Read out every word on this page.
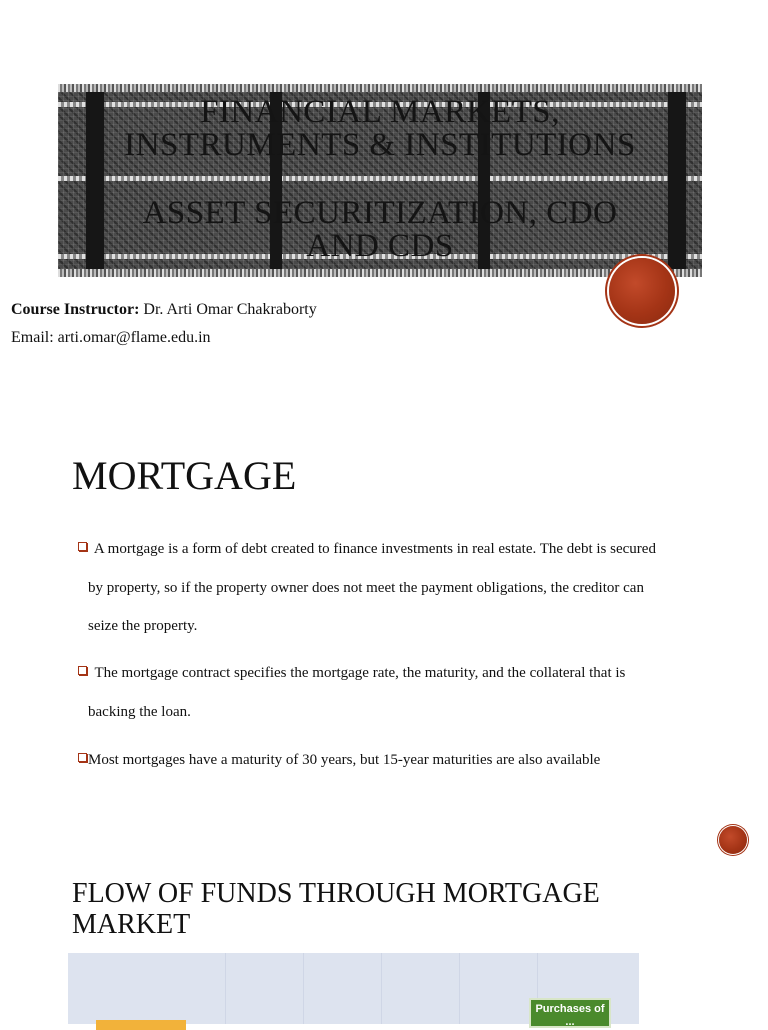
FINANCIAL MARKETS,
INSTRUMENTS & INSTITUTIONS
ASSET SECURITIZATION, CDO
AND CDS
Course Instructor: Dr. Arti Omar Chakraborty
Email: arti.omar@flame.edu.in
MORTGAGE
A mortgage is a form of debt created to finance investments in real estate. The debt is secured
by property, so if the property owner does not meet the payment obligations, the creditor can
seize the property.
The mortgage contract specifies the mortgage rate, the maturity, and the collateral that is
backing the loan.
Most mortgages have a maturity of 30 years, but 15-year maturities are also available
FLOW OF FUNDS THROUGH MORTGAGE
MARKET
Purchases of
...
